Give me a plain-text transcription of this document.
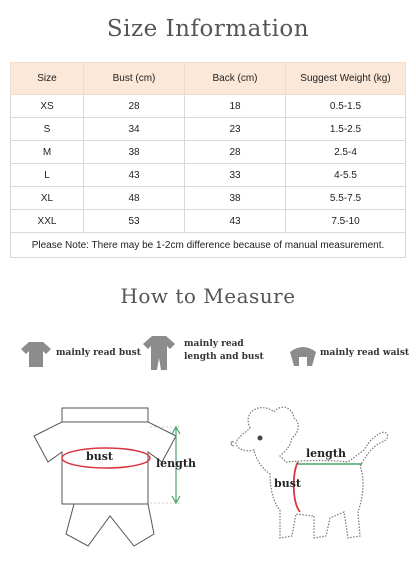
Size Information
Size	Bust (cm)	Back (cm)	Suggest Weight (kg)
XS	28	18	0.5-1.5
S	34	23	1.5-2.5
M	38	28	2.5-4
L	43	33	4-5.5
XL	48	38	5.5-7.5
XXL	53	43	7.5-10
Please Note: There may be 1-2cm difference because of manual measurement.			
How to Measure
mainly read bust
mainly read
length and bust	mainly read waist
bust
length
length
bust
